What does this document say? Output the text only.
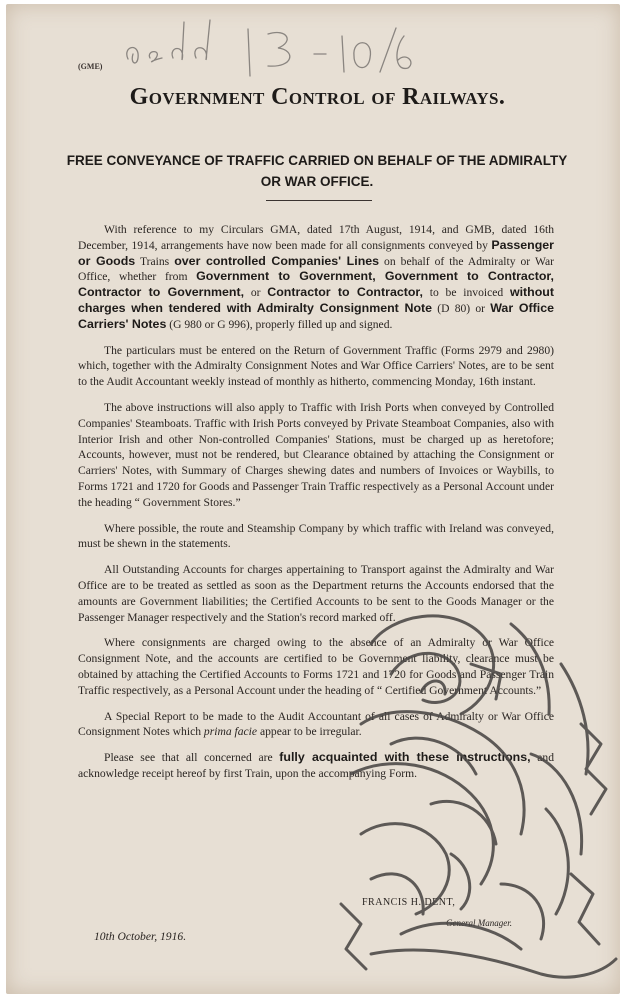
(GME)
Government Control of Railways.
FREE CONVEYANCE OF TRAFFIC CARRIED ON BEHALF OF THE ADMIRALTY OR WAR OFFICE.

With reference to my Circulars GMA, dated 17th August, 1914, and GMB, dated 16th December, 1914, arrangements have now been made for all consignments conveyed by Passenger or Goods Trains over controlled Companies' Lines on behalf of the Admiralty or War Office, whether from Government to Government, Government to Contractor, Contractor to Government, or Contractor to Contractor, to be invoiced without charges when tendered with Admiralty Consignment Note (D 80) or War Office Carriers' Notes (G 980 or G 996), properly filled up and signed.

The particulars must be entered on the Return of Government Traffic (Forms 2979 and 2980) which, together with the Admiralty Consignment Notes and War Office Carriers' Notes, are to be sent to the Audit Accountant weekly instead of monthly as hitherto, commencing Monday, 16th instant.

The above instructions will also apply to Traffic with Irish Ports when conveyed by Controlled Companies' Steamboats. Traffic with Irish Ports conveyed by Private Steamboat Companies, also with Interior Irish and other Non-controlled Companies' Stations, must be charged up as heretofore; Accounts, however, must not be rendered, but Clearance obtained by attaching the Consignment or Carriers' Notes, with Summary of Charges shewing dates and numbers of Invoices or Waybills, to Forms 1721 and 1720 for Goods and Passenger Train Traffic respectively as a Personal Account under the heading “ Government Stores.”

Where possible, the route and Steamship Company by which traffic with Ireland was conveyed, must be shewn in the statements.

All Outstanding Accounts for charges appertaining to Transport against the Admiralty and War Office are to be treated as settled as soon as the Department returns the Accounts endorsed that the amounts are Government liabilities; the Certified Accounts to be sent to the Goods Manager or the Passenger Manager respectively and the Station's record marked off.

Where consignments are charged owing to the absence of an Admiralty or War Office Consignment Note, and the accounts are certified to be Government liability, clearance must be obtained by attaching the Certified Accounts to Forms 1721 and 1720 for Goods and Passenger Train Traffic respectively, as a Personal Account under the heading of “ Certified Government Accounts.”

A Special Report to be made to the Audit Accountant of all cases of Admiralty or War Office Consignment Notes which prima facie appear to be irregular.

Please see that all concerned are fully acquainted with these instructions, and acknowledge receipt hereof by first Train, upon the accompanying Form.

FRANCIS H. DENT,
General Manager.
10th October, 1916.
